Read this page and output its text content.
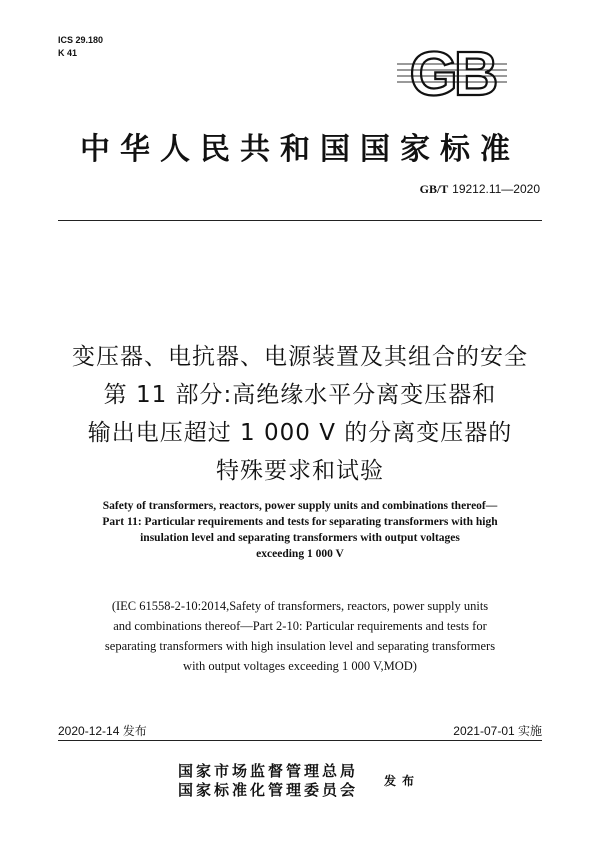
ICS 29.180
K 41	GB
中华人民共和国国家标准
GB/T 19212.11—2020
变压器、电抗器、电源装置及其组合的安全
第 11 部分:高绝缘水平分离变压器和
输出电压超过 1 000 V 的分离变压器的
特殊要求和试验
Safety of transformers, reactors, power supply units and combinations thereof—
Part 11: Particular requirements and tests for separating transformers with high
insulation level and separating transformers with output voltages
exceeding 1 000 V
(IEC 61558-2-10:2014,Safety of transformers, reactors, power supply units
and combinations thereof—Part 2-10: Particular requirements and tests for
separating transformers with high insulation level and separating transformers
with output voltages exceeding 1 000 V,MOD)
2020-12-14 发布	2021-07-01 实施
国家市场监督管理总局
国家标准化管理委员会 发布
